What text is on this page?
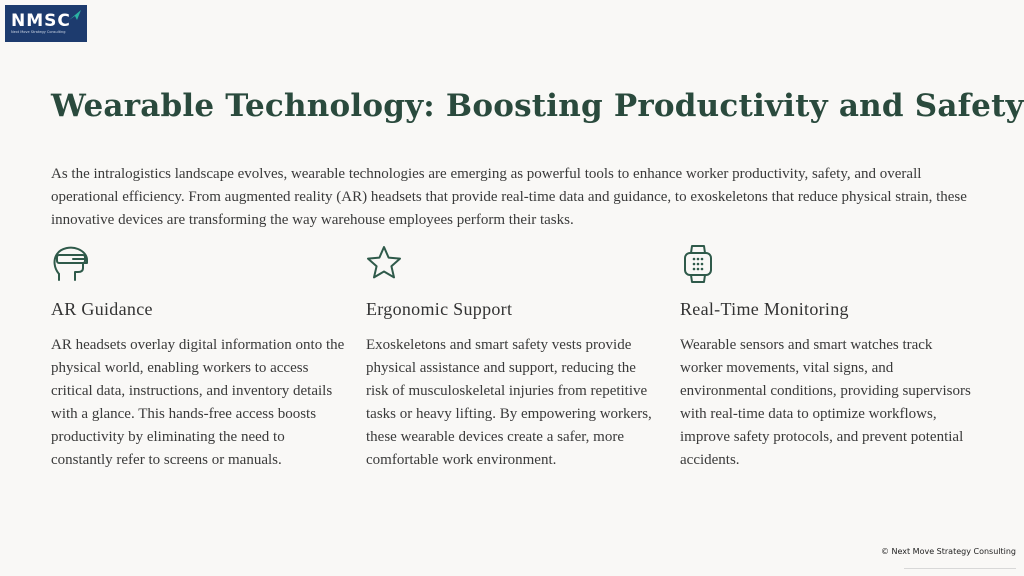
NMSC
Next Move Strategy Consulting
Wearable Technology: Boosting Productivity and Safety

As the intralogistics landscape evolves, wearable technologies are emerging as powerful tools to enhance worker productivity, safety, and overall operational efficiency. From augmented reality (AR) headsets that provide real-time data and guidance, to exoskeletons that reduce physical strain, these innovative devices are transforming the way warehouse employees perform their tasks.

AR Guidance
AR headsets overlay digital information onto the physical world, enabling workers to access critical data, instructions, and inventory details with a glance. This hands-free access boosts productivity by eliminating the need to constantly refer to screens or manuals.
Ergonomic Support
Exoskeletons and smart safety vests provide physical assistance and support, reducing the risk of musculoskeletal injuries from repetitive tasks or heavy lifting. By empowering workers, these wearable devices create a safer, more comfortable work environment.
Real-Time Monitoring
Wearable sensors and smart watches track worker movements, vital signs, and environmental conditions, providing supervisors with real-time data to optimize workflows, improve safety protocols, and prevent potential accidents.
© Next Move Strategy Consulting
